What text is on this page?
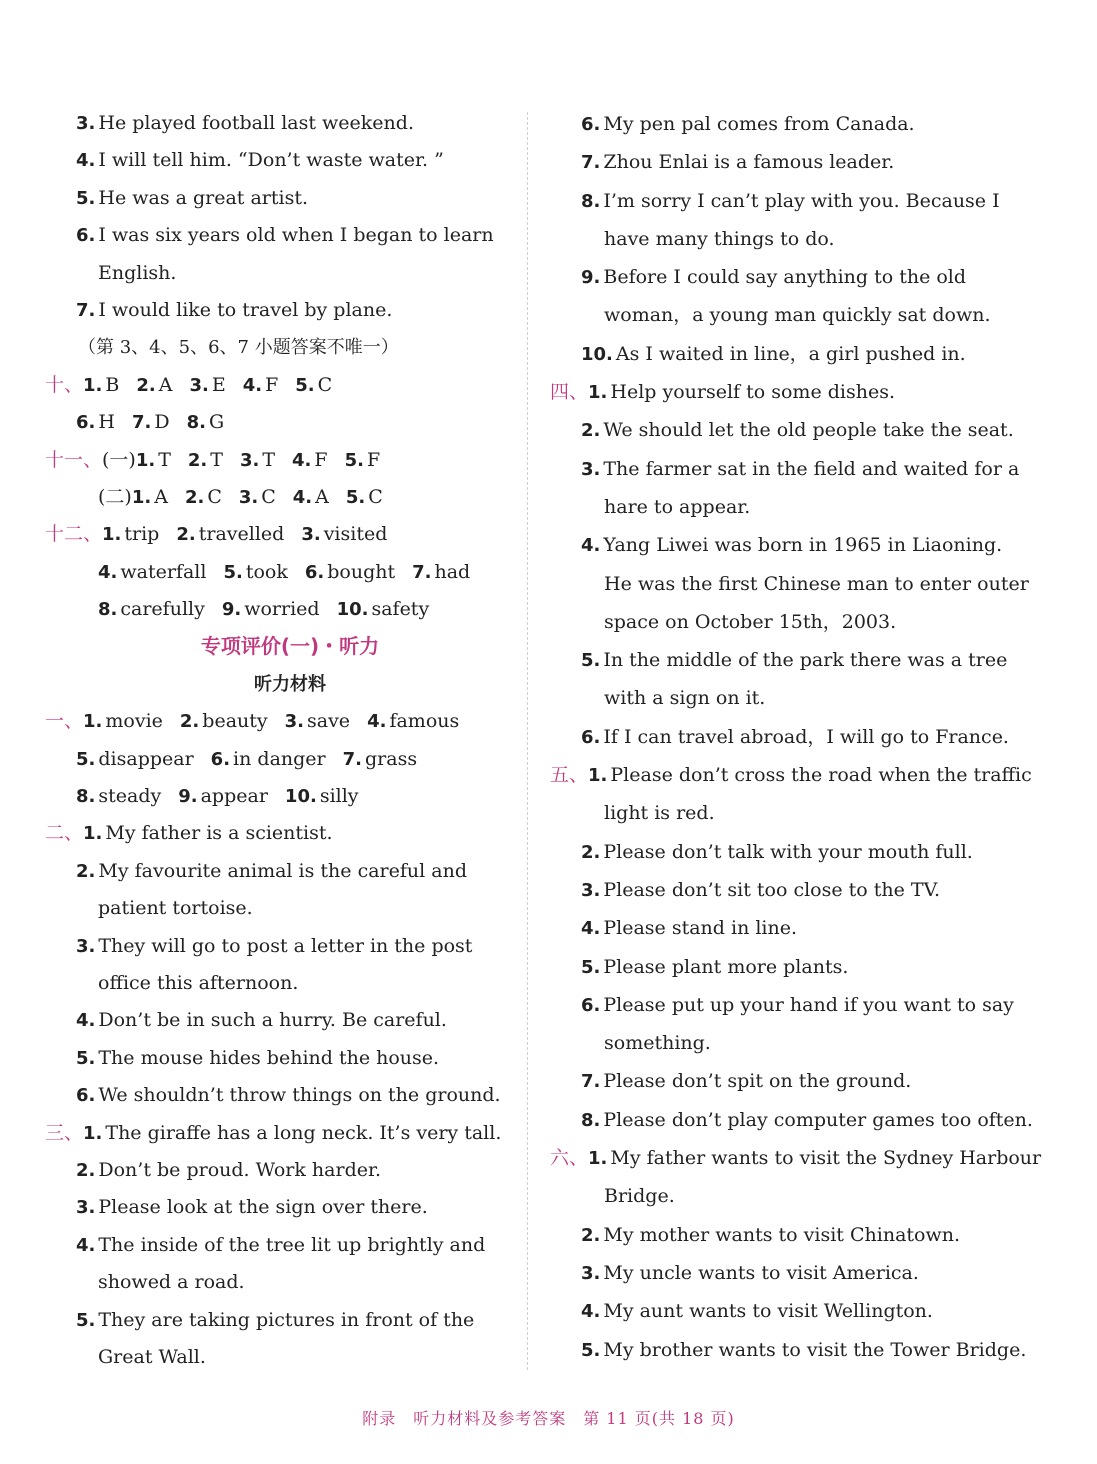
3. He played football last weekend.
4. I will tell him. “Don’t waste water. ”
5. He was a great artist.
6. I was six years old when I began to learn
English.
7. I would like to travel by plane.
（第 3、4、5、6、7 小题答案不唯一）
十、1. B 2. A 3. E 4. F 5. C
6. H 7. D 8. G
十一、(一)1. T 2. T 3. T 4. F 5. F
(二)1. A 2. C 3. C 4. A 5. C
十二、1. trip 2. travelled 3. visited
4. waterfall 5. took 6. bought 7. had
8. carefully 9. worried 10. safety
专项评价(一)・听力
听力材料
一、1. movie 2. beauty 3. save 4. famous
5. disappear 6. in danger 7. grass
8. steady 9. appear 10. silly
二、1. My father is a scientist.
2. My favourite animal is the careful and
patient tortoise.
3. They will go to post a letter in the post
office this afternoon.
4. Don’t be in such a hurry. Be careful.
5. The mouse hides behind the house.
6. We shouldn’t throw things on the ground.
三、1. The giraffe has a long neck. It’s very tall.
2. Don’t be proud. Work harder.
3. Please look at the sign over there.
4. The inside of the tree lit up brightly and
showed a road.
5. They are taking pictures in front of the
Great Wall.
6. My pen pal comes from Canada.
7. Zhou Enlai is a famous leader.
8. I’m sorry I can’t play with you. Because I
have many things to do.
9. Before I could say anything to the old
woman，a young man quickly sat down.
10. As I waited in line，a girl pushed in.
四、1. Help yourself to some dishes.
2. We should let the old people take the seat.
3. The farmer sat in the field and waited for a
hare to appear.
4. Yang Liwei was born in 1965 in Liaoning.
He was the first Chinese man to enter outer
space on October 15th，2003.
5. In the middle of the park there was a tree
with a sign on it.
6. If I can travel abroad，I will go to France.
五、1. Please don’t cross the road when the traffic
light is red.
2. Please don’t talk with your mouth full.
3. Please don’t sit too close to the TV.
4. Please stand in line.
5. Please plant more plants.
6. Please put up your hand if you want to say
something.
7. Please don’t spit on the ground.
8. Please don’t play computer games too often.
六、1. My father wants to visit the Sydney Harbour
Bridge.
2. My mother wants to visit Chinatown.
3. My uncle wants to visit America.
4. My aunt wants to visit Wellington.
5. My brother wants to visit the Tower Bridge.
附录　听力材料及参考答案　第 11 页(共 18 页)
